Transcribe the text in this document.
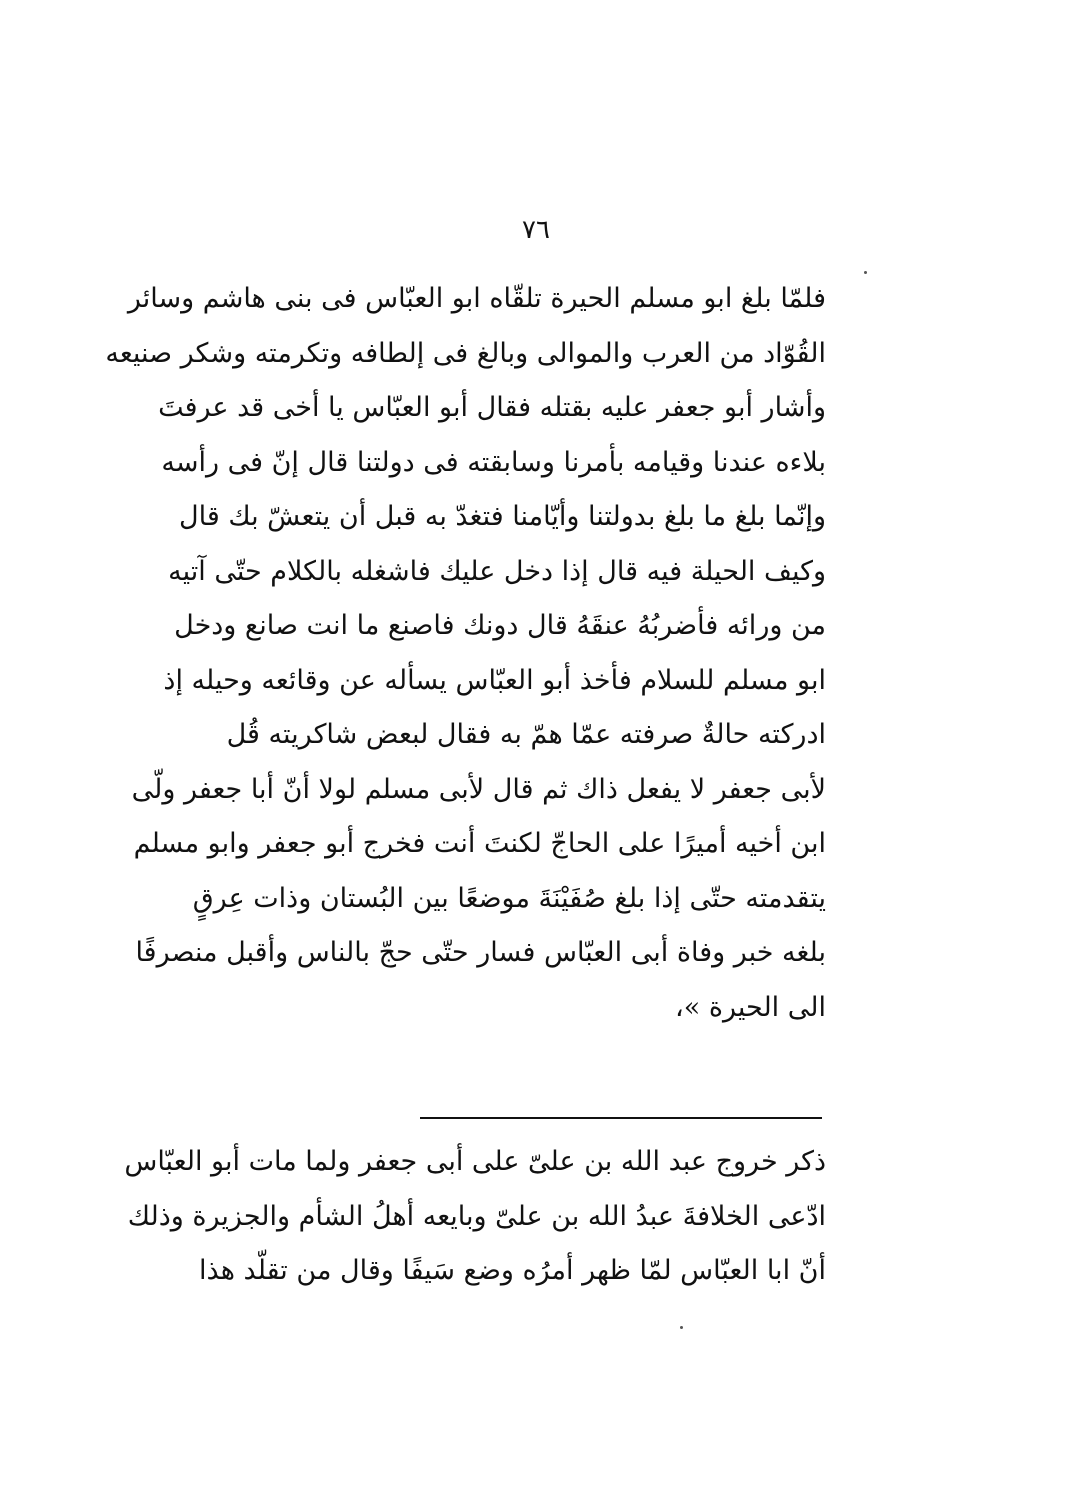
٧٦
فلمّا بلغ ابو مسلم الحيرة تلقّاه ابو العبّاس فى بنى هاشم وسائر
القُوّاد من العرب والموالى وبالغ فى إلطافه وتكرمته وشكر صنيعه
وأشار أبو جعفر عليه بقتله فقال أبو العبّاس يا أخى قد عرفتَ
بلاءه عندنا وقيامه بأمرنا وسابقته فى دولتنا قال إنّ فى رأسه
وإنّما بلغ ما بلغ بدولتنا وأيّامنا فتغدّ به قبل أن يتعشّ بك قال
وكيف الحيلة فيه قال إذا دخل عليك فاشغله بالكلام حتّى آتيه
من ورائه فأضربُهُ عنقَهُ قال دونك فاصنع ما انت صانع ودخل
ابو مسلم للسلام فأخذ أبو العبّاس يسأله عن وقائعه وحيله إذ
ادركته حالةٌ صرفته عمّا همّ به فقال لبعض شاكريته قُل
لأبى جعفر لا يفعل ذاك ثم قال لأبى مسلم لولا أنّ أبا جعفر ولّى
ابن أخيه أميرًا على الحاجّ لكنتَ أنت فخرج أبو جعفر وابو مسلم
يتقدمته حتّى إذا بلغ صُفَيْنَةَ موضعًا بين البُستان وذات عِرقٍ
بلغه خبر وفاة أبى العبّاس فسار حتّى حجّ بالناس وأقبل منصرفًا
الى الحيرة »،
ذكر خروج عبد الله بن علىّ على أبى جعفر ولما مات أبو العبّاس
ادّعى الخلافةَ عبدُ الله بن علىّ وبايعه أهلُ الشأم والجزيرة وذلك
أنّ ابا العبّاس لمّا ظهر أمرُه وضع سَيفًا وقال من تقلّد هذا
